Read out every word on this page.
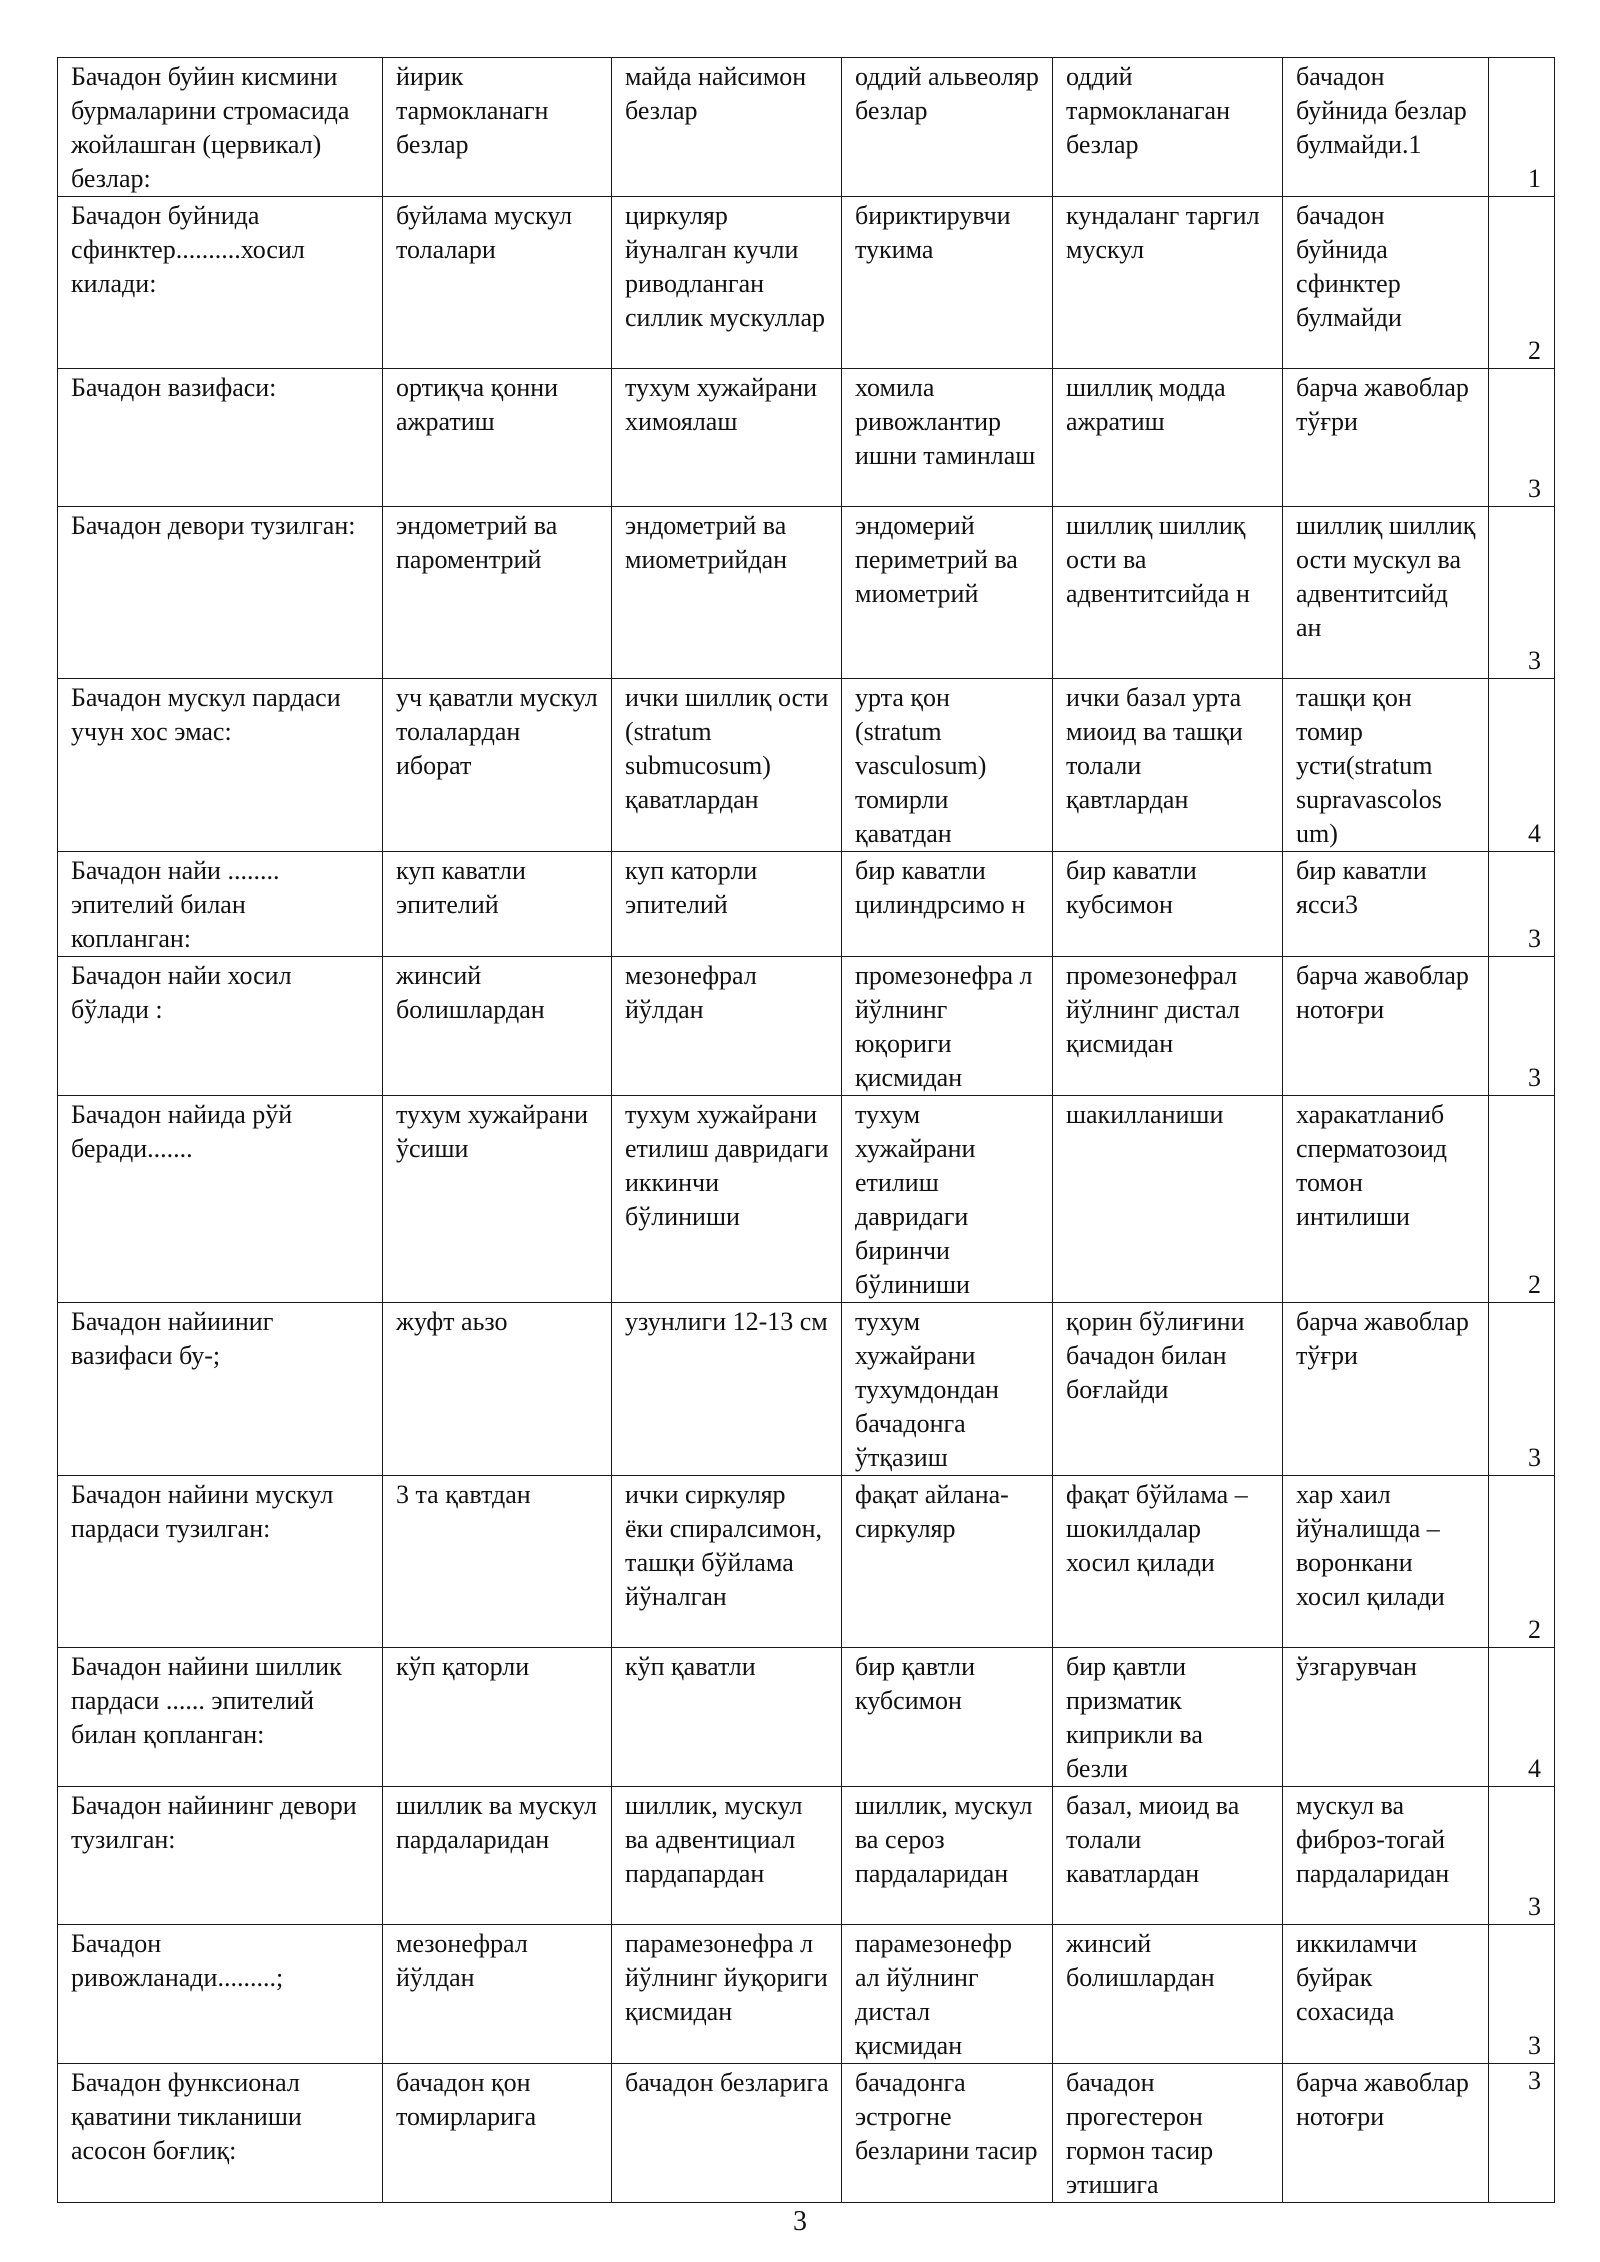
Бачадон буйин кисмини бурмаларини стромасида жойлашган (цервикал) безлар:	йирик тармокланагн безлар	майда найсимон безлар	оддий альвеоляр безлар	оддий тармокланаган безлар	бачадон буйнида безлар булмайди.1	1
Бачадон буйнида сфинктер..........хосил килади:	буйлама мускул толалари	циркуляр йуналган кучли риводланган силлик мускуллар	бириктирувчи тукима	кундаланг таргил мускул	бачадон буйнида сфинктер булмайди	2
Бачадон вазифаси:	ортиқча қонни ажратиш	тухум хужайрани химоялаш	хомила ривожлантир ишни таминлаш	шиллиқ модда ажратиш	барча жавоблар тўғри	3
Бачадон девори тузилган:	эндометрий ва пароментрий	эндометрий ва миометрийдан	эндомерий периметрий ва миометрий	шиллиқ шиллиқ ости ва адвентитсийда н	шиллиқ шиллиқ ости мускул ва адвентитсийд ан	3
Бачадон мускул пардаси учун хос эмас:	уч қаватли мускул толалардан иборат	ички шиллиқ ости (stratum submucosum) қаватлардан	урта қон (stratum vasculosum) томирли қаватдан	ички базал урта миоид ва ташқи толали қавтлардан	ташқи қон томир усти(stratum supravascolos um)	4
Бачадон найи ........ эпителий билан копланган:	куп каватли эпителий	куп каторли эпителий	бир каватли цилиндрсимо н	бир каватли кубсимон	бир каватли ясси3	3
Бачадон найи хосил бўлади :	жинсий болишлардан	мезонефрал йўлдан	промезонефра л йўлнинг юқориги қисмидан	промезонефрал йўлнинг дистал қисмидан	барча жавоблар нотоғри	3
Бачадон найида рўй беради.......	тухум хужайрани ўсиши	тухум хужайрани етилиш давридаги иккинчи бўлиниши	тухум хужайрани етилиш давридаги биринчи бўлиниши	шакилланиши	харакатланиб сперматозоид томон интилиши	2
Бачадон найииниг вазифаси бу-;	жуфт аьзо	узунлиги 12-13 см	тухум хужайрани тухумдондан бачадонга ўтқазиш	қорин бўлиғини бачадон билан боғлайди	барча жавоблар тўғри	3
Бачадон найини мускул пардаси тузилган:	3 та қавтдан	ички сиркуляр ёки спиралсимон, ташқи бўйлама йўналган	фақат айлана-сиркуляр	фақат бўйлама – шокилдалар хосил қилади	хар хаил йўналишда – воронкани хосил қилади	2
Бачадон найини шиллик пардаси ...... эпителий билан қопланган:	кўп қаторли	кўп қаватли	бир қавтли кубсимон	бир қавтли призматик киприкли ва безли	ўзгарувчан	4
Бачадон найининг девори тузилган:	шиллик ва мускул пардаларидан	шиллик, мускул ва адвентициал пардапардан	шиллик, мускул ва сероз пардаларидан	базал, миоид ва толали каватлардан	мускул ва фиброз-тогай пардаларидан	3
Бачадон ривожланади.........;	мезонефрал йўлдан	парамезонефра л йўлнинг йуқориги қисмидан	парамезонефр ал йўлнинг дистал қисмидан	жинсий болишлардан	иккиламчи буйрак сохасида	3
Бачадон функсионал қаватини тикланиши асосон боғлиқ:	бачадон қон томирларига	бачадон безларига	бачадонга эстрогне безларини тасир	бачадон прогестерон гормон тасир этишига	барча жавоблар нотоғри	3
3
